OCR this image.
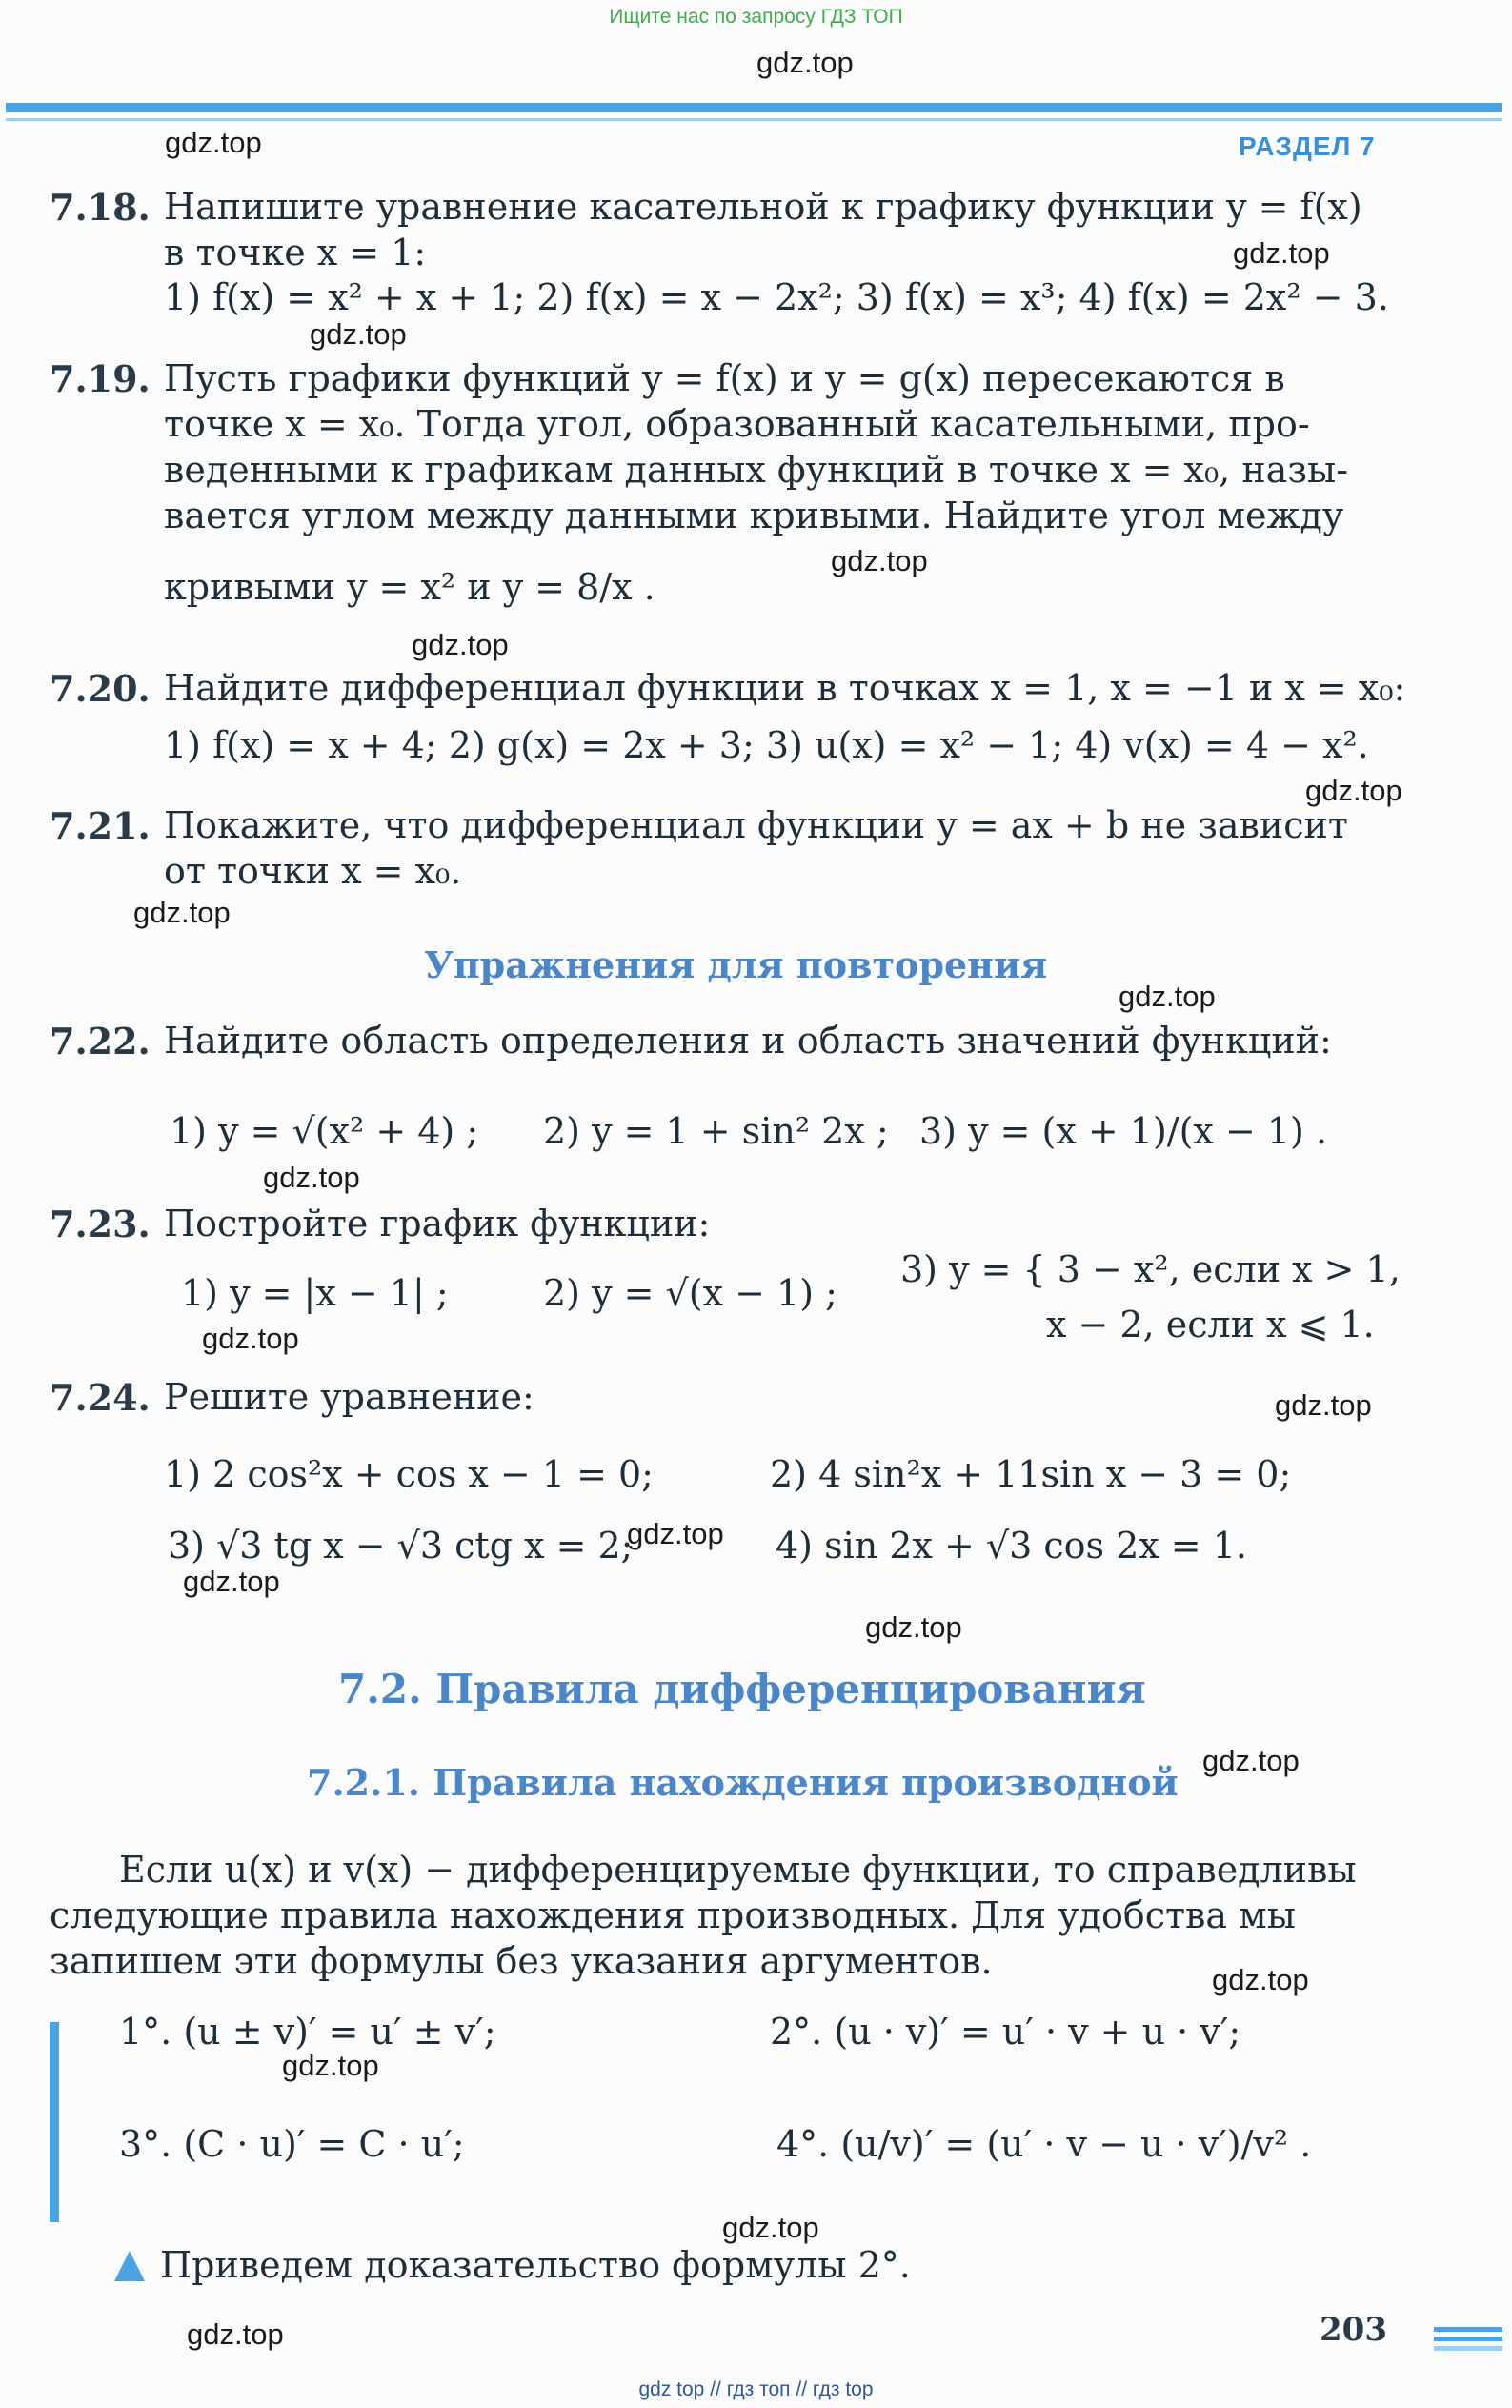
Ищите нас по запросу ГДЗ ТОП
РАЗДЕЛ 7
gdz.top
gdz.top
gdz.top
gdz.top
gdz.top
gdz.top
gdz.top
gdz.top
gdz.top
gdz.top
gdz.top
gdz.top
gdz.top
gdz.top
gdz.top
gdz.top
gdz.top
gdz.top
gdz.top
gdz.top
7.18. Напишите уравнение касательной к графику функции y = f(x)
в точке x = 1:
1) f(x) = x² + x + 1; 2) f(x) = x − 2x²; 3) f(x) = x³; 4) f(x) = 2x² − 3.
7.19. Пусть графики функций y = f(x) и y = g(x) пересекаются в
точке x = x₀. Тогда угол, образованный касательными, про-
веденными к графикам данных функций в точке x = x₀, назы-
вается углом между данными кривыми. Найдите угол между
кривыми y = x² и y = 8/x .
7.20. Найдите дифференциал функции в точках x = 1, x = −1 и x = x₀:
1) f(x) = x + 4; 2) g(x) = 2x + 3; 3) u(x) = x² − 1; 4) v(x) = 4 − x².
7.21. Покажите, что дифференциал функции y = ax + b не зависит
от точки x = x₀.
Упражнения для повторения
7.22. Найдите область определения и область значений функций:
1) y = √(x² + 4) ; 2) y = 1 + sin² 2x ; 3) y = (x + 1)/(x − 1) .
7.23. Постройте график функции:
1) y = |x − 1| ;	2) y = √(x − 1) ;
3) y = { 3 − x², если x > 1,
x − 2, если x ⩽ 1.
7.24. Решите уравнение:
1) 2 cos²x + cos x − 1 = 0;	2) 4 sin²x + 11sin x − 3 = 0;
3) √3 tg x − √3 ctg x = 2;	4) sin 2x + √3 cos 2x = 1.
7.2. Правила дифференцирования
7.2.1. Правила нахождения производной
Если u(x) и v(x) − дифференцируемые функции, то справедливы
следующие правила нахождения производных. Для удобства мы
запишем эти формулы без указания аргументов.
1°. (u ± v)′ = u′ ± v′;	2°. (u · v)′ = u′ · v + u · v′;
3°. (C · u)′ = C · u′;	4°. (u/v)′ = (u′ · v − u · v′)/v² .
Приведем доказательство формулы 2°.
203
gdz top // гдз топ // гдз top
